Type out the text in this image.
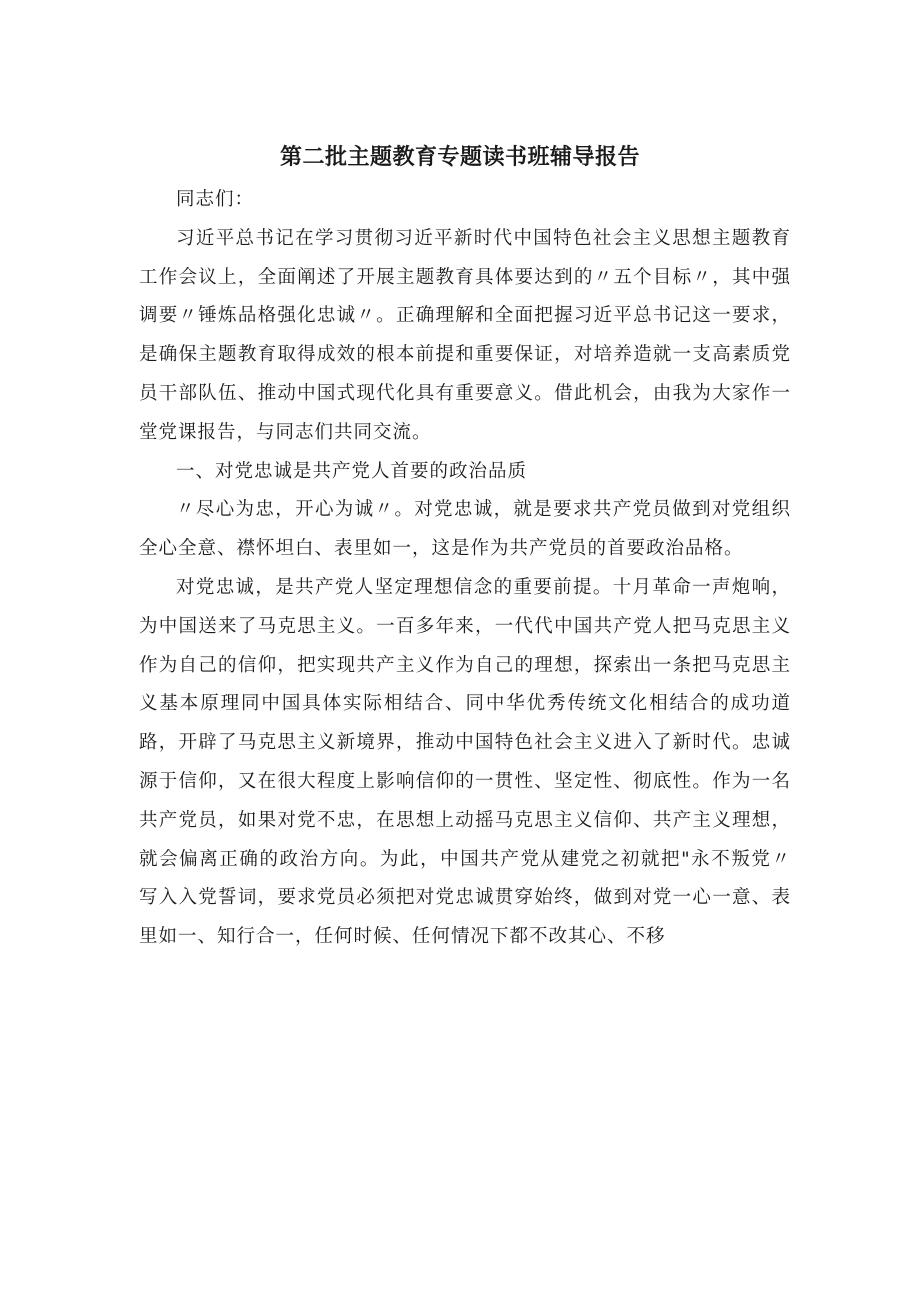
第二批主题教育专题读书班辅导报告

同志们：

习近平总书记在学习贯彻习近平新时代中国特色社会主义思想主题教育工作会议上，全面阐述了开展主题教育具体要达到的〃五个目标〃，其中强调要〃锤炼品格强化忠诚〃。正确理解和全面把握习近平总书记这一要求，是确保主题教育取得成效的根本前提和重要保证，对培养造就一支高素质党员干部队伍、推动中国式现代化具有重要意义。借此机会，由我为大家作一堂党课报告，与同志们共同交流。

一、对党忠诚是共产党人首要的政治品质

〃尽心为忠，开心为诚〃。对党忠诚，就是要求共产党员做到对党组织全心全意、襟怀坦白、表里如一，这是作为共产党员的首要政治品格。

对党忠诚，是共产党人坚定理想信念的重要前提。十月革命一声炮响，为中国送来了马克思主义。一百多年来，一代代中国共产党人把马克思主义作为自己的信仰，把实现共产主义作为自己的理想，探索出一条把马克思主义基本原理同中国具体实际相结合、同中华优秀传统文化相结合的成功道路，开辟了马克思主义新境界，推动中国特色社会主义进入了新时代。忠诚源于信仰，又在很大程度上影响信仰的一贯性、坚定性、彻底性。作为一名共产党员，如果对党不忠，在思想上动摇马克思主义信仰、共产主义理想，就会偏离正确的政治方向。为此，中国共产党从建党之初就把"永不叛党〃写入入党誓词，要求党员必须把对党忠诚贯穿始终，做到对党一心一意、表里如一、知行合一，任何时候、任何情况下都不改其心、不移
